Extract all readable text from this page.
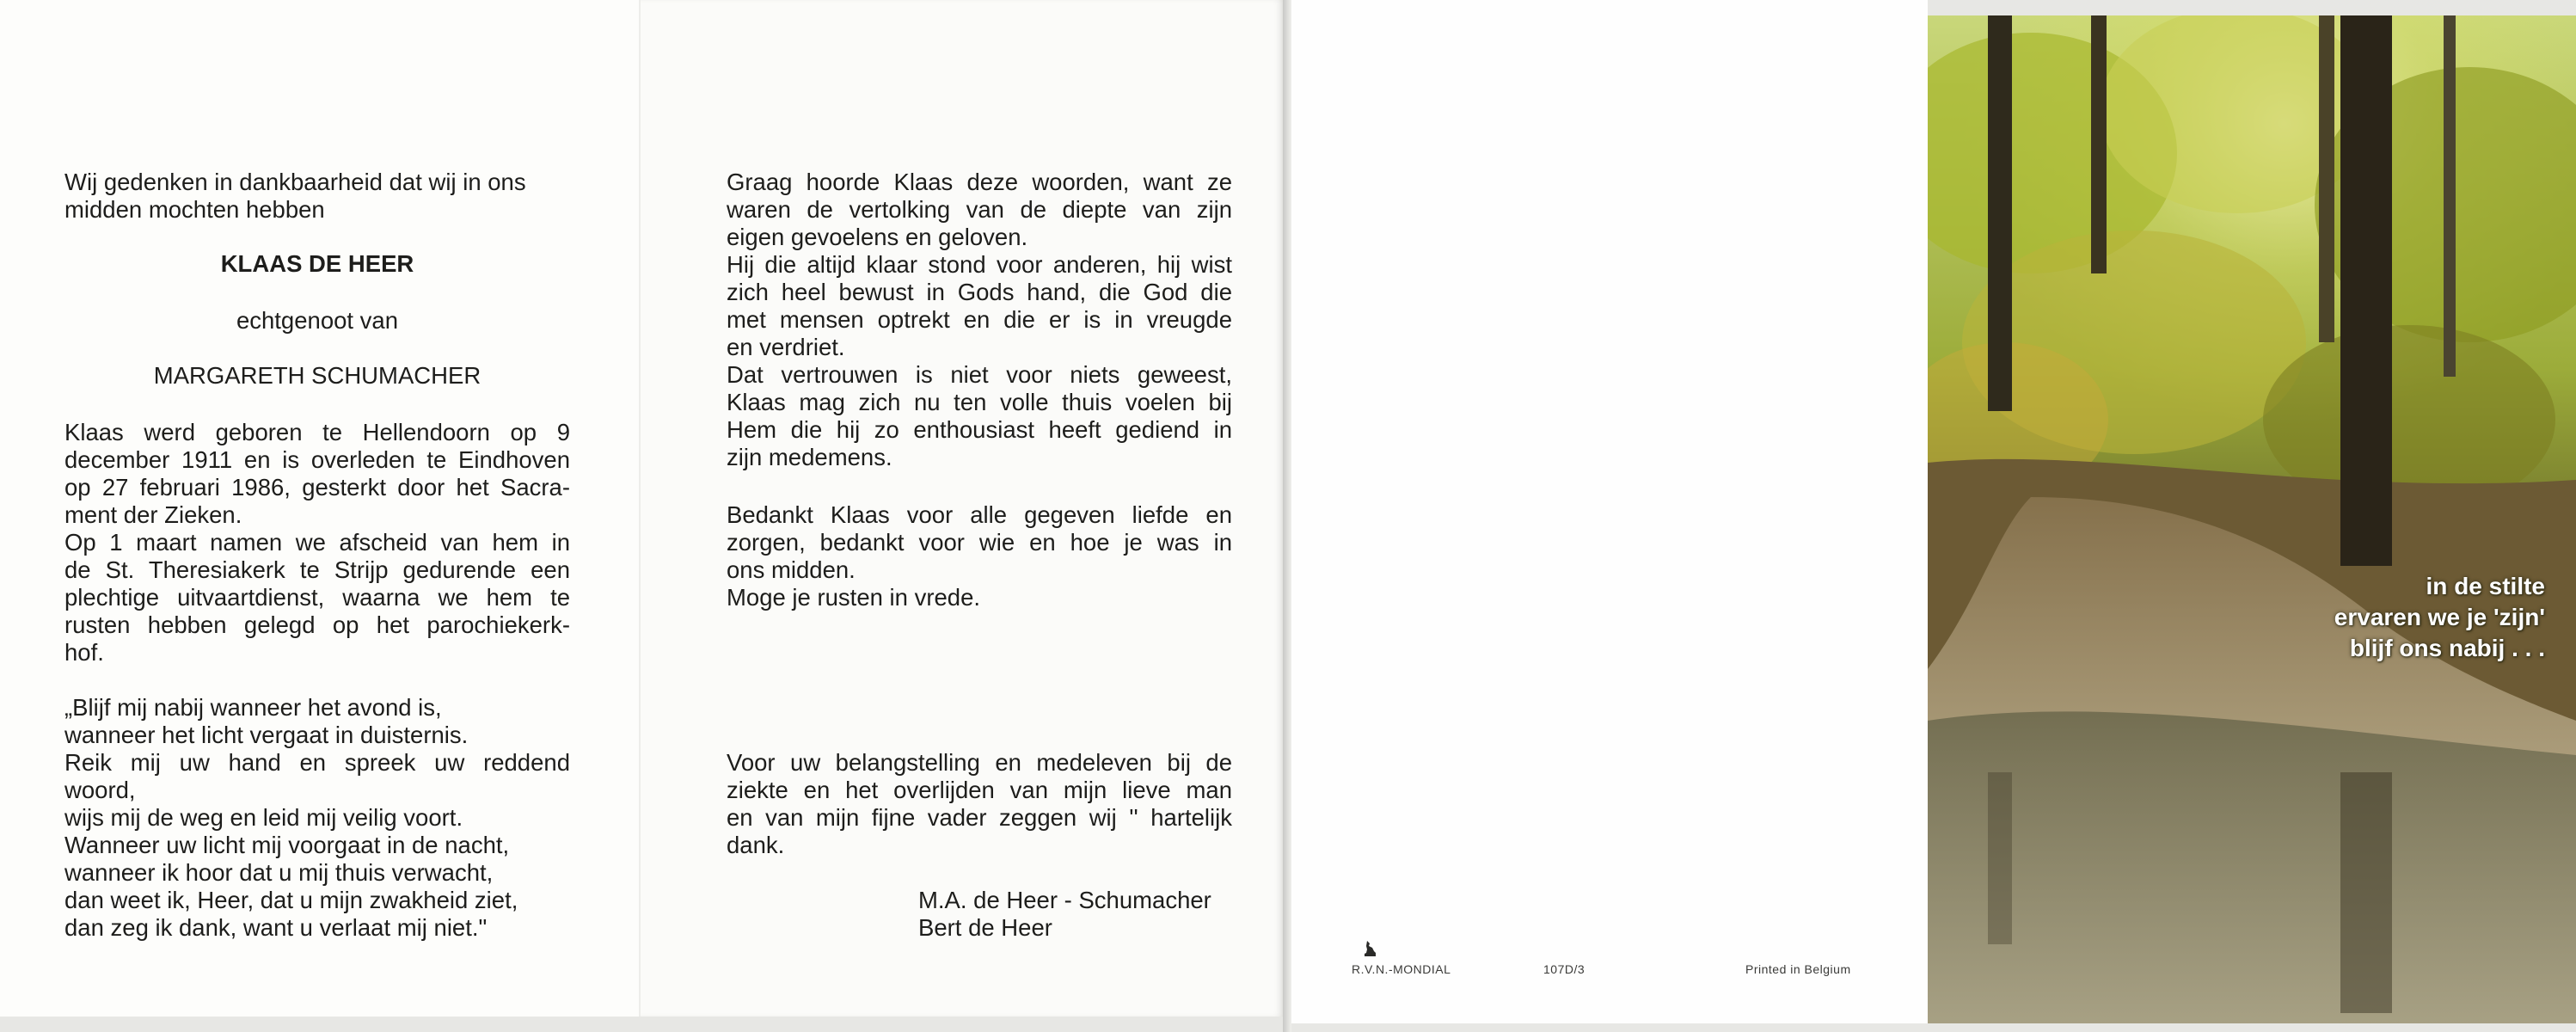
Wij gedenken in dankbaarheid dat wij in ons
midden mochten hebben
KLAAS DE HEER
echtgenoot van
MARGARETH SCHUMACHER
Klaas werd geboren te Hellendoorn op 9
december 1911 en is overleden te Eindhoven
op 27 februari 1986, gesterkt door het Sacra-
ment der Zieken.
Op 1 maart namen we afscheid van hem in
de St. Theresiakerk te Strijp gedurende een
plechtige uitvaartdienst, waarna we hem te
rusten hebben gelegd op het parochiekerk-
hof.
„Blijf mij nabij wanneer het avond is,
wanneer het licht vergaat in duisternis.
Reik mij uw hand en spreek uw reddend
woord,
wijs mij de weg en leid mij veilig voort.
Wanneer uw licht mij voorgaat in de nacht,
wanneer ik hoor dat u mij thuis verwacht,
dan weet ik, Heer, dat u mijn zwakheid ziet,
dan zeg ik dank, want u verlaat mij niet."
Graag hoorde Klaas deze woorden, want ze
waren de vertolking van de diepte van zijn
eigen gevoelens en geloven.
Hij die altijd klaar stond voor anderen, hij wist
zich heel bewust in Gods hand, die God die
met mensen optrekt en die er is in vreugde
en verdriet.
Dat vertrouwen is niet voor niets geweest,
Klaas mag zich nu ten volle thuis voelen bij
Hem die hij zo enthousiast heeft gediend in
zijn medemens.
Bedankt Klaas voor alle gegeven liefde en
zorgen, bedankt voor wie en hoe je was in
ons midden.
Moge je rusten in vrede.
Voor uw belangstelling en medeleven bij de
ziekte en het overlijden van mijn lieve man
en van mijn fijne vader zeggen wij ʹʹ hartelijk
dank.
M.A. de Heer - Schumacher
Bert de Heer
R.V.N.-MONDIAL	107D/3	Printed in Belgium
in de stilte
ervaren we je 'zijn'
blijf ons nabij . . .
